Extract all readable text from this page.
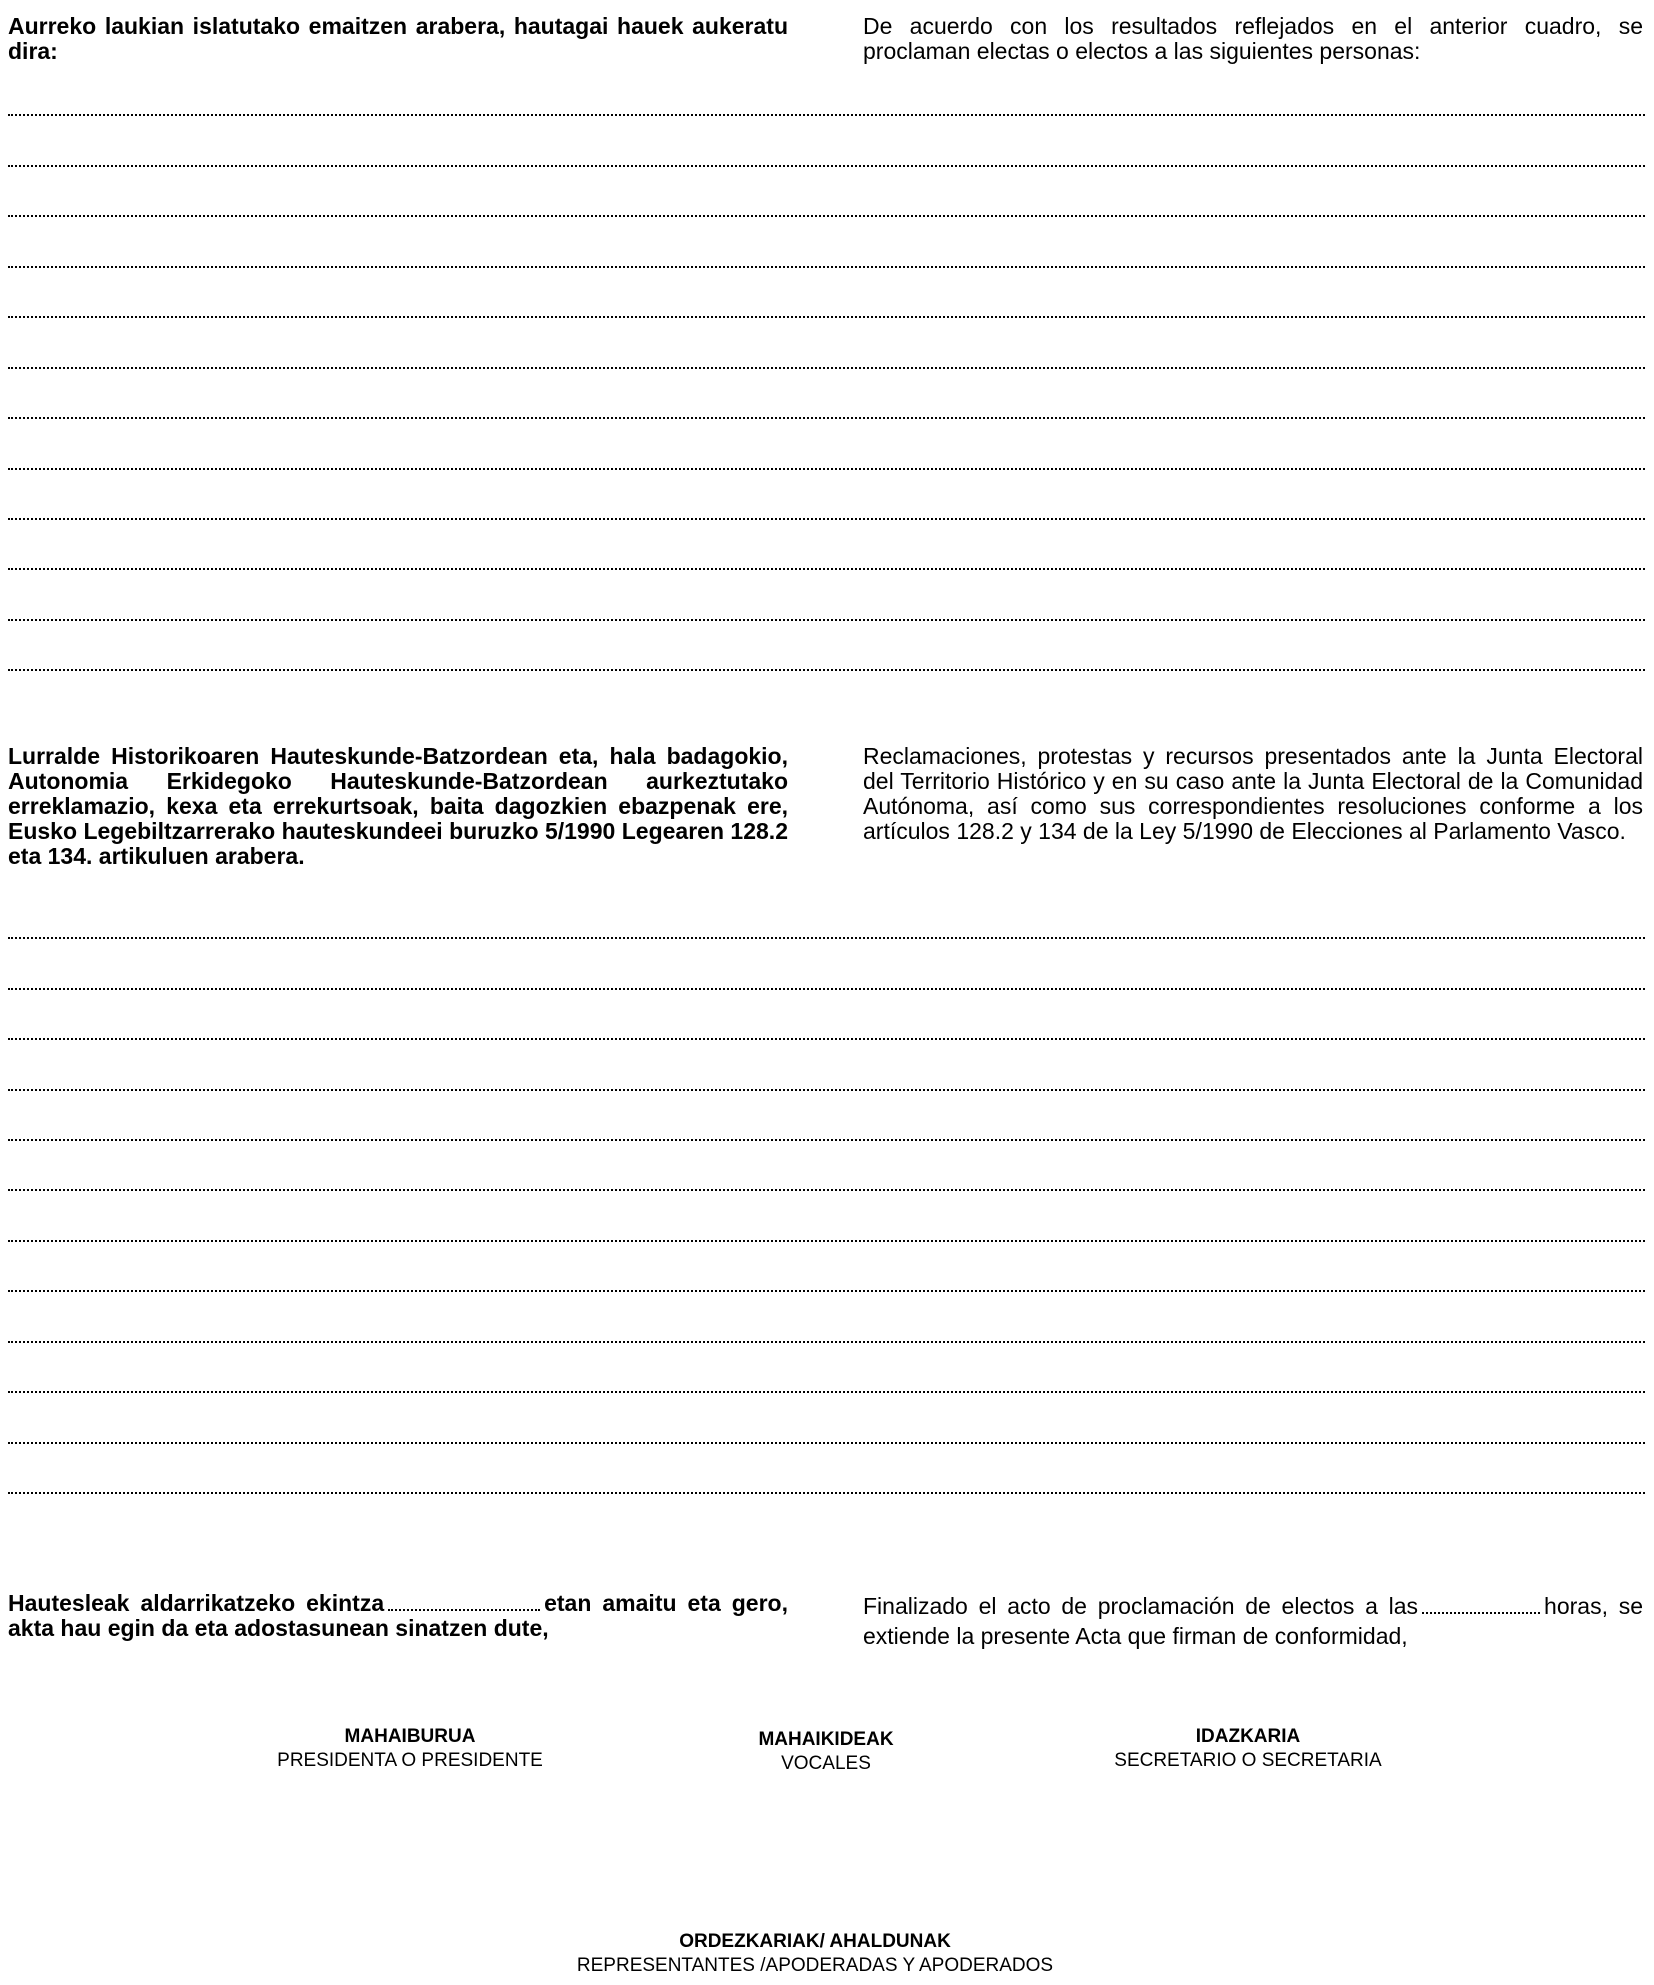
Aurreko laukian islatutako emaitzen arabera, hautagai hauek aukeratu dira:

De acuerdo con los resultados reflejados en el anterior cuadro, se proclaman electas o electos a las siguientes personas:

Lurralde Historikoaren Hauteskunde-Batzordean eta, hala badagokio, Autonomia Erkidegoko Hauteskunde-Batzordean aurkeztutako erreklamazio, kexa eta errekurtsoak, baita dagozkien ebazpenak ere, Eusko Legebiltzarrerako hauteskundeei buruzko 5/1990 Legearen 128.2 eta 134. artikuluen arabera.

Reclamaciones, protestas y recursos presentados ante la Junta Electoral del Territorio Histórico y en su caso ante la Junta Electoral de la Comunidad Autónoma, así como sus correspondientes resoluciones conforme a los artículos 128.2 y 134 de la Ley 5/1990 de Elecciones al Parlamento Vasco.

Hautesleak aldarrikatzeko ekintza	etan amaitu eta gero, akta hau egin da eta adostasunean sinatzen dute,

Finalizado el acto de proclamación de electos a las	horas, se extiende la presente Acta que firman de conformidad,

MAHAIBURUA
PRESIDENTA O PRESIDENTE
MAHAIKIDEAK
VOCALES
IDAZKARIA
SECRETARIO O SECRETARIA
ORDEZKARIAK/ AHALDUNAK
REPRESENTANTES /APODERADAS Y APODERADOS
